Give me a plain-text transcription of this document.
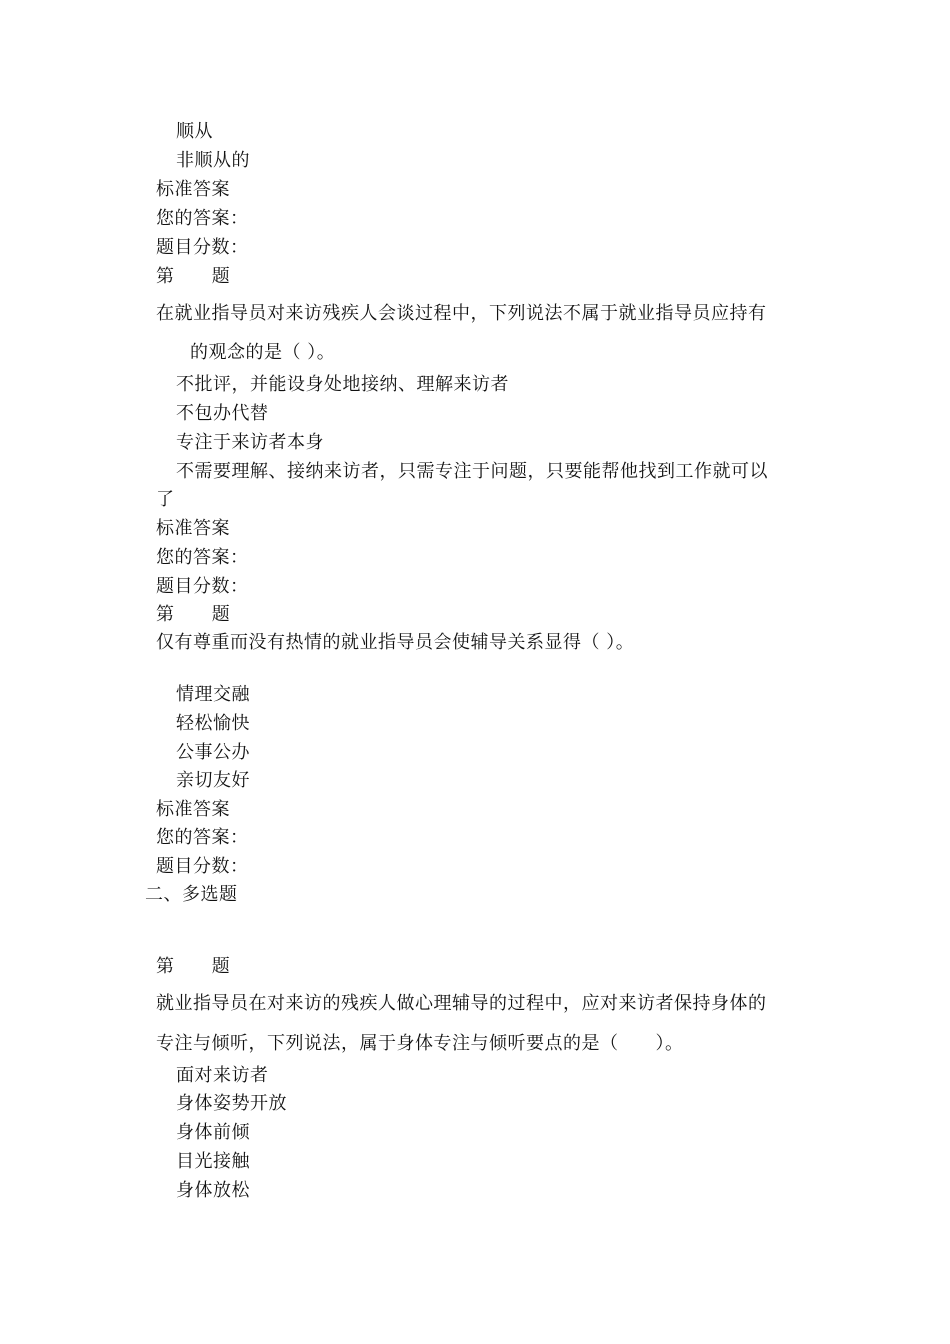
顺从
非顺从的
标准答案
您的答案：
题目分数：
第 题
在就业指导员对来访残疾人会谈过程中，下列说法不属于就业指导员应持有
的观念的是（ ）。
不批评，并能设身处地接纳、理解来访者
不包办代替
专注于来访者本身
不需要理解、接纳来访者，只需专注于问题，只要能帮他找到工作就可以
了
标准答案
您的答案：
题目分数：
第 题
仅有尊重而没有热情的就业指导员会使辅导关系显得（ ）。
情理交融
轻松愉快
公事公办
亲切友好
标准答案
您的答案：
题目分数：
二、多选题
第 题
就业指导员在对来访的残疾人做心理辅导的过程中，应对来访者保持身体的
专注与倾听，下列说法，属于身体专注与倾听要点的是（　　）。
面对来访者
身体姿势开放
身体前倾
目光接触
身体放松
